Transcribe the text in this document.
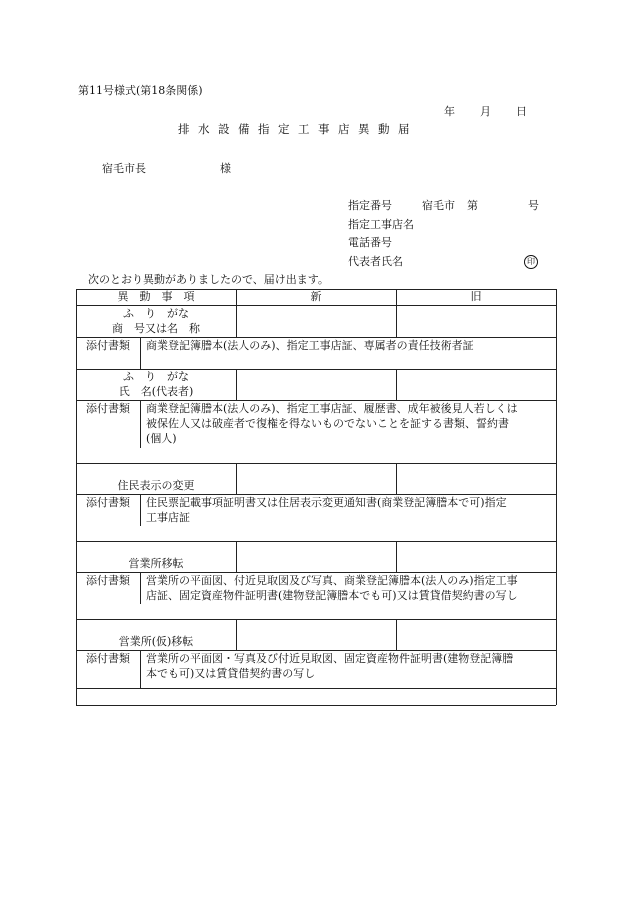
第11号様式(第18条関係)
年 月 日
排水設備指定工事店異動届
宿毛市長	様
指定番号	宿毛市 第	号
指定工事店名
電話番号
代表者氏名	印
次のとおり異動がありましたので、届け出ます。
異　動　事　項	新	旧
ふ　り　がな
商　号又は名　称
添付書類	商業登記簿謄本(法人のみ)、指定工事店証、専属者の責任技術者証
ふ　り　がな
氏　名(代表者)
添付書類	商業登記簿謄本(法人のみ)、指定工事店証、履歴書、成年被後見人若しくは
被保佐人又は破産者で復権を得ないものでないことを証する書類、誓約書
(個人)
住民表示の変更
添付書類	住民票記載事項証明書又は住居表示変更通知書(商業登記簿謄本で可)指定
工事店証
営業所移転
添付書類	営業所の平面図、付近見取図及び写真、商業登記簿謄本(法人のみ)指定工事
店証、固定資産物件証明書(建物登記簿謄本でも可)又は賃貸借契約書の写し
営業所(仮)移転
添付書類	営業所の平面図・写真及び付近見取図、固定資産物件証明書(建物登記簿謄
本でも可)又は賃貸借契約書の写し
